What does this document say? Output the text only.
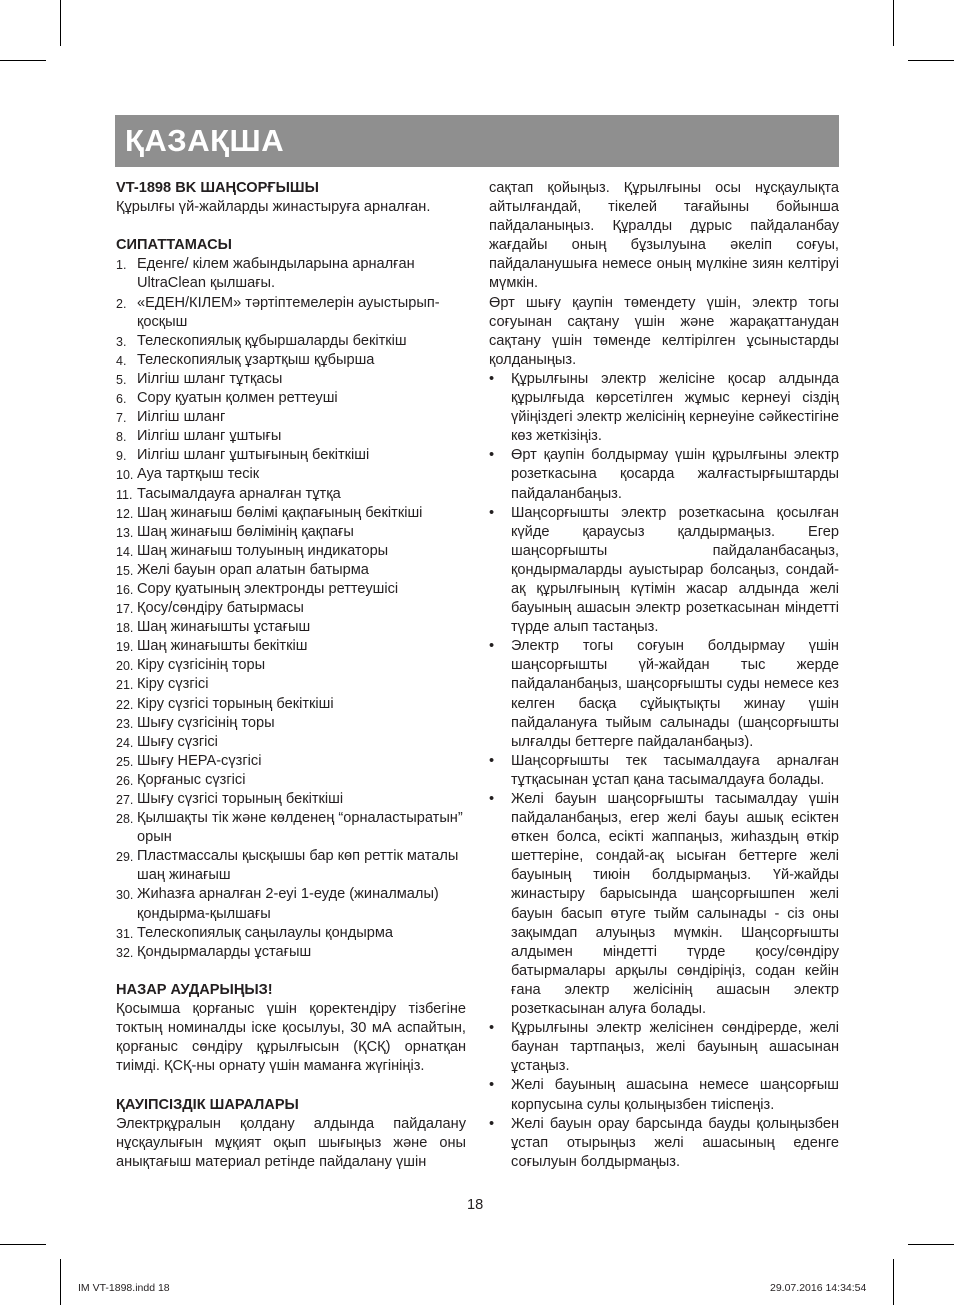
ҚАЗАҚША
VT-1898 BK ШАҢСОРҒЫШЫ
Құрылғы үй-жайларды жинастыруға арналған.
СИПАТТАМАСЫ
1. Еденге/ кілем жабындыларына арналған UltraClean қылшағы.
2. «ЕДЕН/КІЛЕМ» тәртіптемелерін ауыстырып-қосқыш
3. Телескопиялық құбыршаларды бекіткіш
4. Телескопиялық ұзартқыш құбырша
5. Иілгіш шланг тұтқасы
6. Сору қуатын қолмен реттеуші
7. Иілгіш шланг
8. Иілгіш шланг ұштығы
9. Иілгіш шланг ұштығының бекіткіші
10. Ауа тартқыш тесік
11. Тасымалдауға арналған тұтқа
12. Шаң жинағыш бөлімі қақпағының бекіткіші
13. Шаң жинағыш бөлімінің қақпағы
14. Шаң жинағыш толуының индикаторы
15. Желі бауын орап алатын батырма
16. Сору қуатының электронды реттеушісі
17. Қосу/сөндіру батырмасы
18. Шаң жинағышты ұстағыш
19. Шаң жинағышты бекіткіш
20. Кіру сүзгісінің торы
21. Кіру сүзгісі
22. Кіру сүзгісі торының бекіткіші
23. Шығу сүзгісінің торы
24. Шығу сүзгісі
25. Шығу HEPA-сүзгісі
26. Қорғаныс сүзгісі
27. Шығу сүзгісі торының бекіткіші
28. Қылшақты тік және көлденең “орналастыратын” орын
29. Пластмассалы қысқышы бар көп реттік маталы шаң жинағыш
30. Жиһазға арналған 2-еуі 1-еуде (жиналмалы) қондырма-қылшағы
31. Телескопиялық саңылаулы қондырма
32. Қондырмаларды ұстағыш
НАЗАР АУДАРЫҢЫЗ!
Қосымша қорғаныс үшін қоректендіру тізбегіне токтың номиналды іске қосылуы, 30 мА аспайтын, қорғаныс сөндіру құрылғысын (ҚСҚ) орнатқан тиімді. ҚСҚ-ны орнату үшін маманға жүгініңіз.
ҚАУІПСІЗДІК ШАРАЛАРЫ
Электрқұралын қолдану алдында пайдалану нұсқаулығын мұқият оқып шығыңыз және оны анықтағыш материал ретінде пайдалану үшін
сақтап қойыңыз. Құрылғыны осы нұсқаулықта айтылғандай, тікелей тағайыны бойынша пайдаланыңыз. Құралды дұрыс пайдаланбау жағдайы оның бұзылуына әкеліп соғуы, пайдаланушыға немесе оның мүлкіне зиян келтіруі мүмкін.
Өрт шығу қаупін төмендету үшін, электр тогы соғуынан сақтану үшін және жарақаттанудан сақтану үшін төменде келтірілген ұсыныстарды қолданыңыз.
• Құрылғыны электр желісіне қосар алдында құрылғыда көрсетілген жұмыс кернеуі сіздің үйіңіздегі электр желісінің кернеуіне сәйкестігіне көз жеткізіңіз.
• Өрт қаупін болдырмау үшін құрылғыны электр розеткасына қосарда жалғастырғыштарды пайдаланбаңыз.
• Шаңсорғышты электр розеткасына қосылған күйде қараусыз қалдырмаңыз. Егер шаңсорғышты пайдаланбасаңыз, қондырмаларды ауыстырар болсаңыз, сондай-ақ құрылғының күтімін жасар алдында желі бауының ашасын электр розеткасынан міндетті түрде алып тастаңыз.
• Электр тогы соғуын болдырмау үшін шаңсорғышты үй-жайдан тыс жерде пайдаланбаңыз, шаңсорғышты суды немесе кез келген басқа сұйықтықты жинау үшін пайдалануға тыйым салынады (шаңсорғышты ылғалды беттерге пайдаланбаңыз).
• Шаңсорғышты тек тасымалдауға арналған тұтқасынан ұстап қана тасымалдауға болады.
• Желі бауын шаңсорғышты тасымалдау үшін пайдаланбаңыз, егер желі бауы ашық есіктен өткен болса, есікті жаппаңыз, жиһаздың өткір шеттеріне, сондай-ақ ысыған беттерге желі бауының тиюін болдырмаңыз. Үй-жайды жинастыру барысында шаңсорғышпен желі бауын басып өтуге тыйм салынады - сіз оны зақымдап алуыңыз мүмкін. Шаңсорғышты алдымен міндетті түрде қосу/сөндіру батырмалары арқылы сөндіріңіз, содан кейін ғана электр желісінің ашасын электр розеткасынан алуға болады.
• Құрылғыны электр желісінен сөндірерде, желі баунан тартпаңыз, желі бауының ашасынан ұстаңыз.
• Желі бауының ашасына немесе шаңсорғыш корпусына сулы қолыңызбен тиіспеңіз.
• Желі бауын орау барсында бауды қолыңызбен ұстап отырыңыз желі ашасының еденге соғылуын болдырмаңыз.
18
IM VT-1898.indd 18	29.07.2016 14:34:54
